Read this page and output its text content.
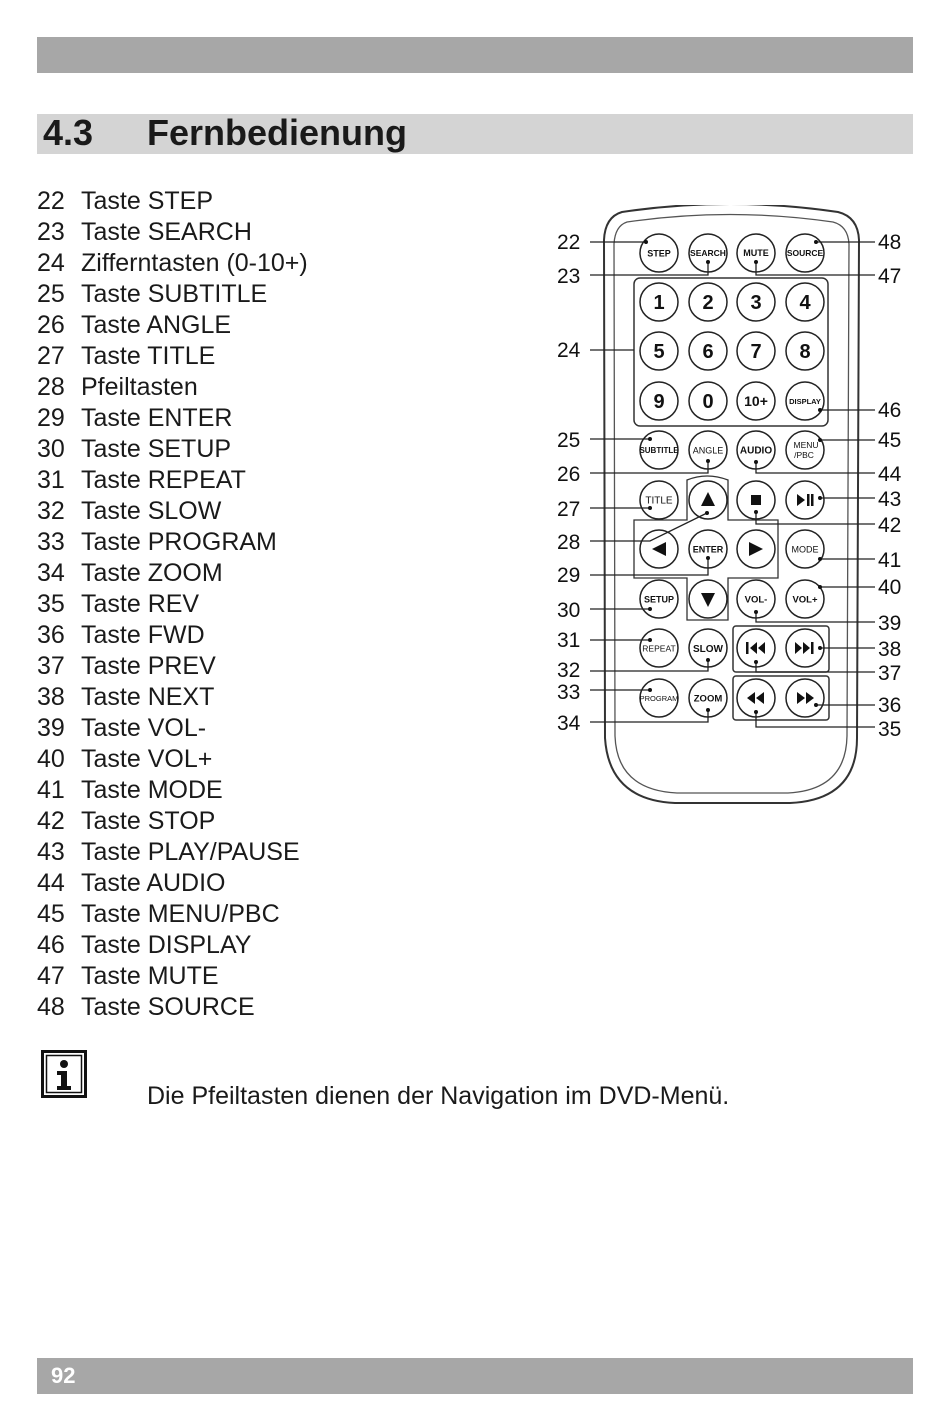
4.3 Fernbedienung
22 Taste STEP
23 Taste SEARCH
24 Zifferntasten (0-10+)
25 Taste SUBTITLE
26 Taste ANGLE
27 Taste TITLE
28 Pfeiltasten
29 Taste ENTER
30 Taste SETUP
31 Taste REPEAT
32 Taste SLOW
33 Taste PROGRAM
34 Taste ZOOM
35 Taste REV
36 Taste FWD
37 Taste PREV
38 Taste NEXT
39 Taste VOL-
40 Taste VOL+
41 Taste MODE
42 Taste STOP
43 Taste PLAY/PAUSE
44 Taste AUDIO
45 Taste MENU/PBC
46 Taste DISPLAY
47 Taste MUTE
48 Taste SOURCE
STEP SEARCH MUTE SOURCE
1 2 3 4
5 6 7 8
9 0 10+	DISPLAY
SUBTITLE ANGLE AUDIO
MENU
/PBC
TITLE
ENTER	MODE
SETUP	VOL-	VOL+
REPEAT SLOW
PROGRAM ZOOM
22
23
24
25
26
27
28
29
30
31
32
33
34
48
47
46
45
44
43
42
41
40
39
38
37
36
35
Die Pfeiltasten dienen der Navigation im DVD-Menü.
92
